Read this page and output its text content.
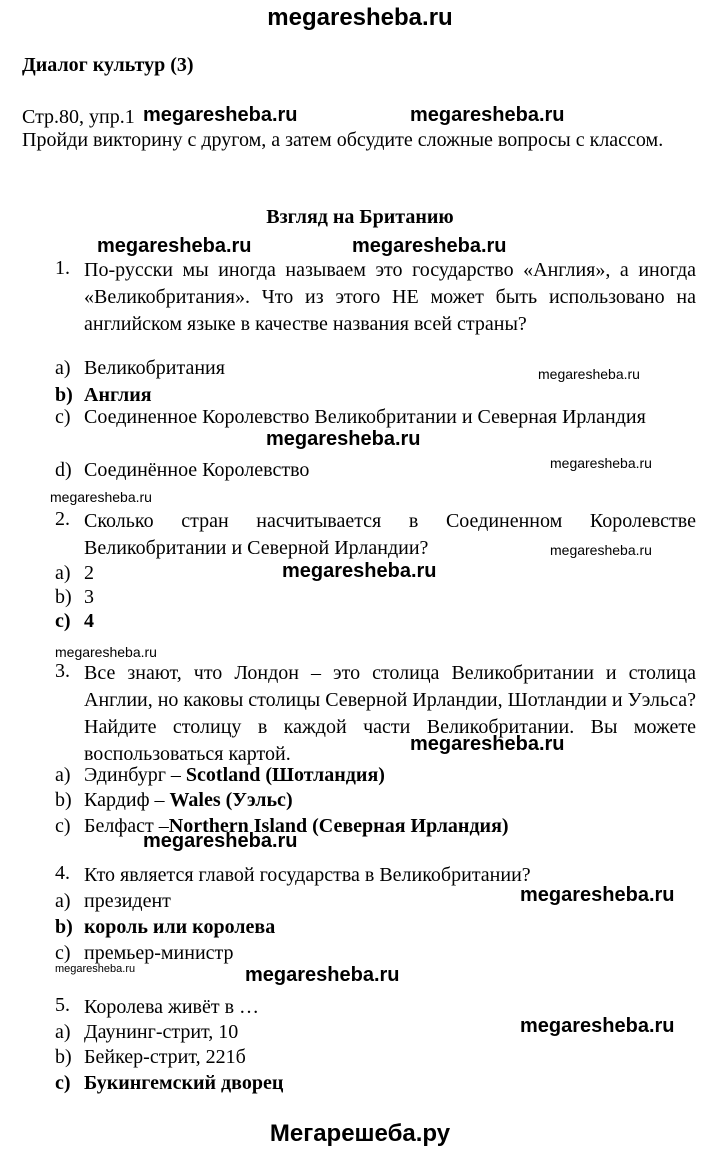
megaresheba.ru
Диалог культур (3)
Стр.80, упр.1
Пройди викторину с другом, а затем обсудите сложные вопросы с классом.
megaresheba.ru	megaresheba.ru
Взгляд на Британию
megaresheba.ru	megaresheba.ru
1. По-русски мы иногда называем это государство «Англия», а иногда «Великобритания». Что из этого НЕ может быть использовано на английском языке в качестве названия всей страны?
a) Великобритания	megaresheba.ru
b) Англия
c) Соединенное Королевство Великобритании и Северная Ирландия
megaresheba.ru
d) Соединённое Королевство	megaresheba.ru
megaresheba.ru
2. Сколько стран насчитывается в Соединенном Королевстве Великобритании и Северной Ирландии?	megaresheba.ru
a) 2	megaresheba.ru
b) 3
c) 4
megaresheba.ru
3. Все знают, что Лондон – это столица Великобритании и столица Англии, но каковы столицы Северной Ирландии, Шотландии и Уэльса? Найдите столицу в каждой части Великобритании. Вы можете воспользоваться картой.	megaresheba.ru
a) Эдинбург – Scotland (Шотландия)
b) Кардиф – Wales (Уэльс)
c) Белфаст –Northern Island (Северная Ирландия)
megaresheba.ru
4. Кто является главой государства в Великобритании?
a) президент	megaresheba.ru
b) король или королева
c) премьер-министр
megaresheba.ru	megaresheba.ru
5. Королева живёт в …
a) Даунинг-стрит, 10	megaresheba.ru
b) Бейкер-стрит, 221б
c) Букингемский дворец
Мегарешеба.ру
